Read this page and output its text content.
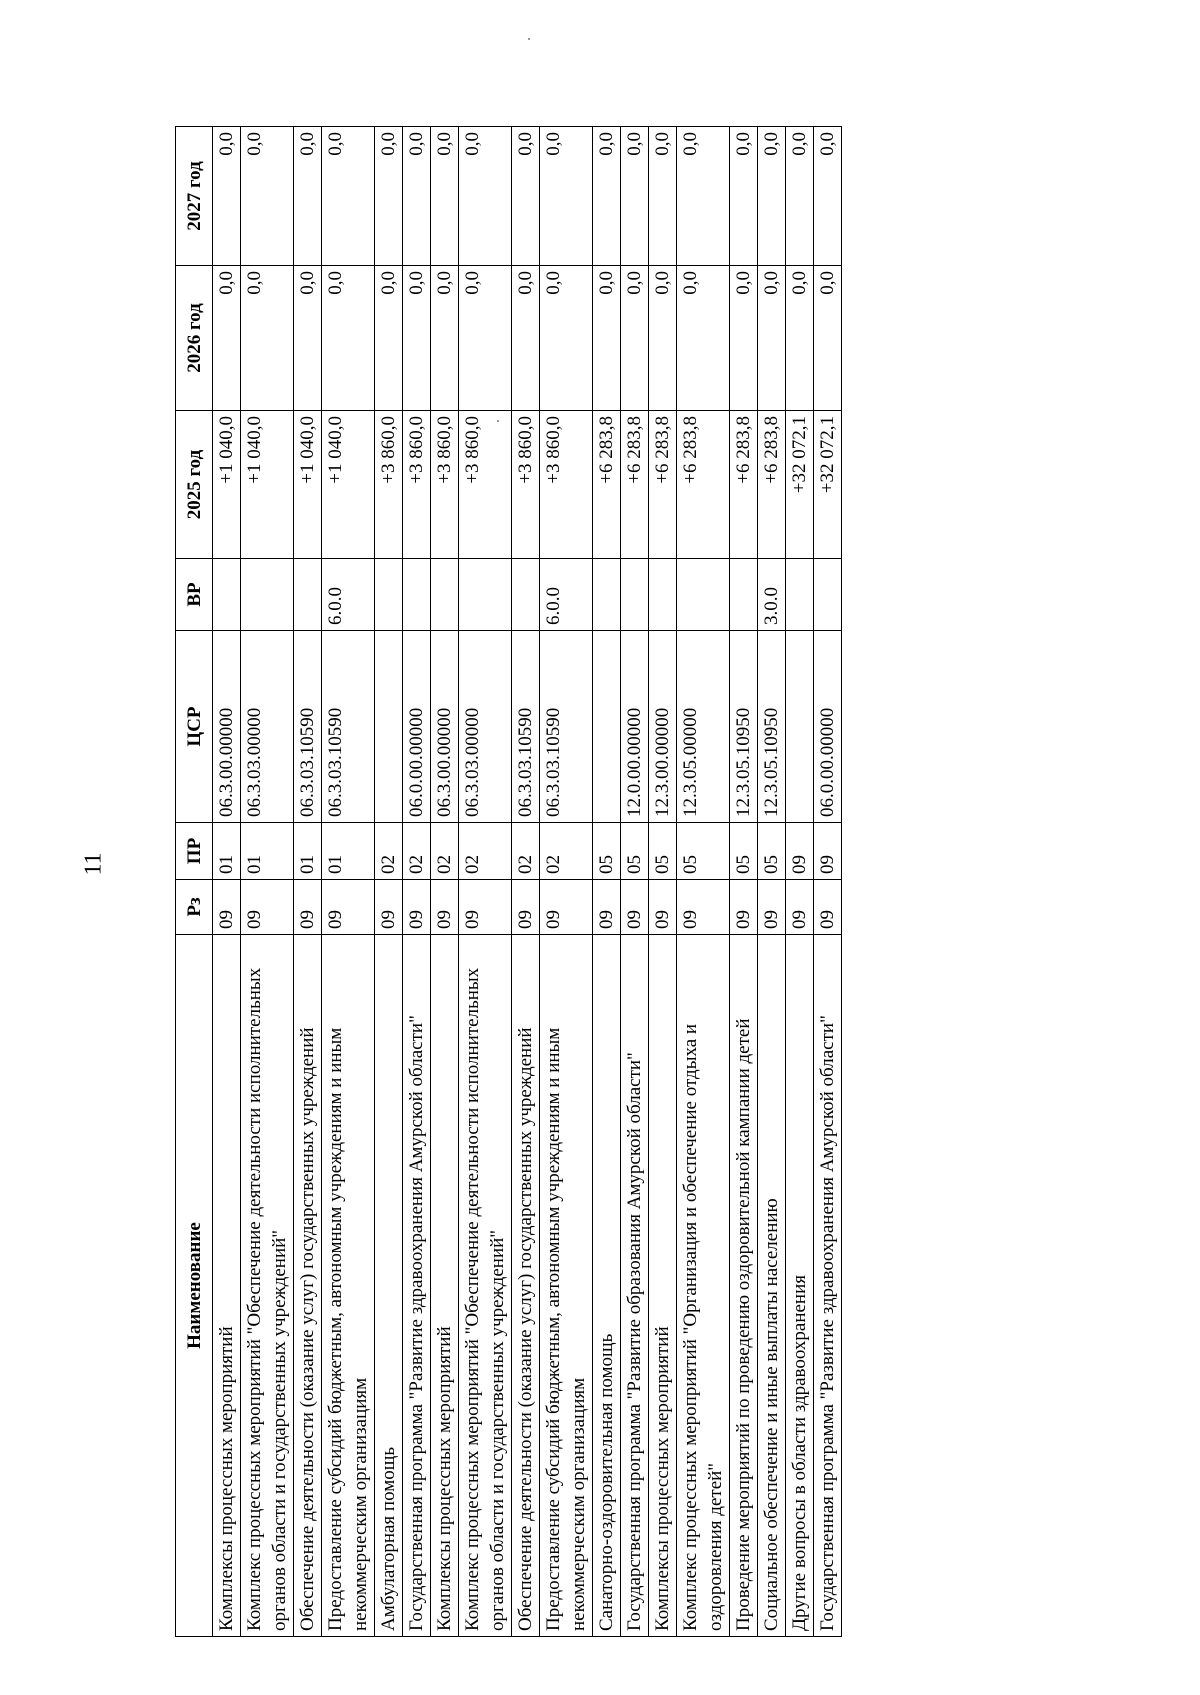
11
Наименование	Рз	ПР	ЦСР	ВР	2025 год	2026 год	2027 год
Комплексы процессных мероприятий	09	01	06.3.00.00000		+1 040,0	0,0	0,0
Комплекс процессных мероприятий "Обеспечение деятельности исполнительных органов области и государственных учреждений"	09	01	06.3.03.00000		+1 040,0	0,0	0,0
Обеспечение деятельности (оказание услуг) государственных учреждений	09	01	06.3.03.10590		+1 040,0	0,0	0,0
Предоставление субсидий бюджетным, автономным учреждениям и иным некоммерческим организациям	09	01	06.3.03.10590	6.0.0	+1 040,0	0,0	0,0
Амбулаторная помощь	09	02			+3 860,0	0,0	0,0
Государственная программа "Развитие здравоохранения Амурской области"	09	02	06.0.00.00000		+3 860,0	0,0	0,0
Комплексы процессных мероприятий	09	02	06.3.00.00000		+3 860,0	0,0	0,0
Комплекс процессных мероприятий "Обеспечение деятельности исполнительных органов области и государственных учреждений"	09	02	06.3.03.00000		+3 860,0	0,0	0,0
Обеспечение деятельности (оказание услуг) государственных учреждений	09	02	06.3.03.10590		+3 860,0	0,0	0,0
Предоставление субсидий бюджетным, автономным учреждениям и иным некоммерческим организациям	09	02	06.3.03.10590	6.0.0	+3 860,0	0,0	0,0
Санаторно-оздоровительная помощь	09	05			+6 283,8	0,0	0,0
Государственная программа "Развитие образования Амурской области"	09	05	12.0.00.00000		+6 283,8	0,0	0,0
Комплексы процессных мероприятий	09	05	12.3.00.00000		+6 283,8	0,0	0,0
Комплекс процессных мероприятий "Организация и обеспечение отдыха и оздоровления детей"	09	05	12.3.05.00000		+6 283,8	0,0	0,0
Проведение мероприятий по проведению оздоровительной кампании детей	09	05	12.3.05.10950		+6 283,8	0,0	0,0
Социальное обеспечение и иные выплаты населению	09	05	12.3.05.10950	3.0.0	+6 283,8	0,0	0,0
Другие вопросы в области здравоохранения	09	09			+32 072,1	0,0	0,0
Государственная программа "Развитие здравоохранения Амурской области"	09	09	06.0.00.00000		+32 072,1	0,0	0,0
